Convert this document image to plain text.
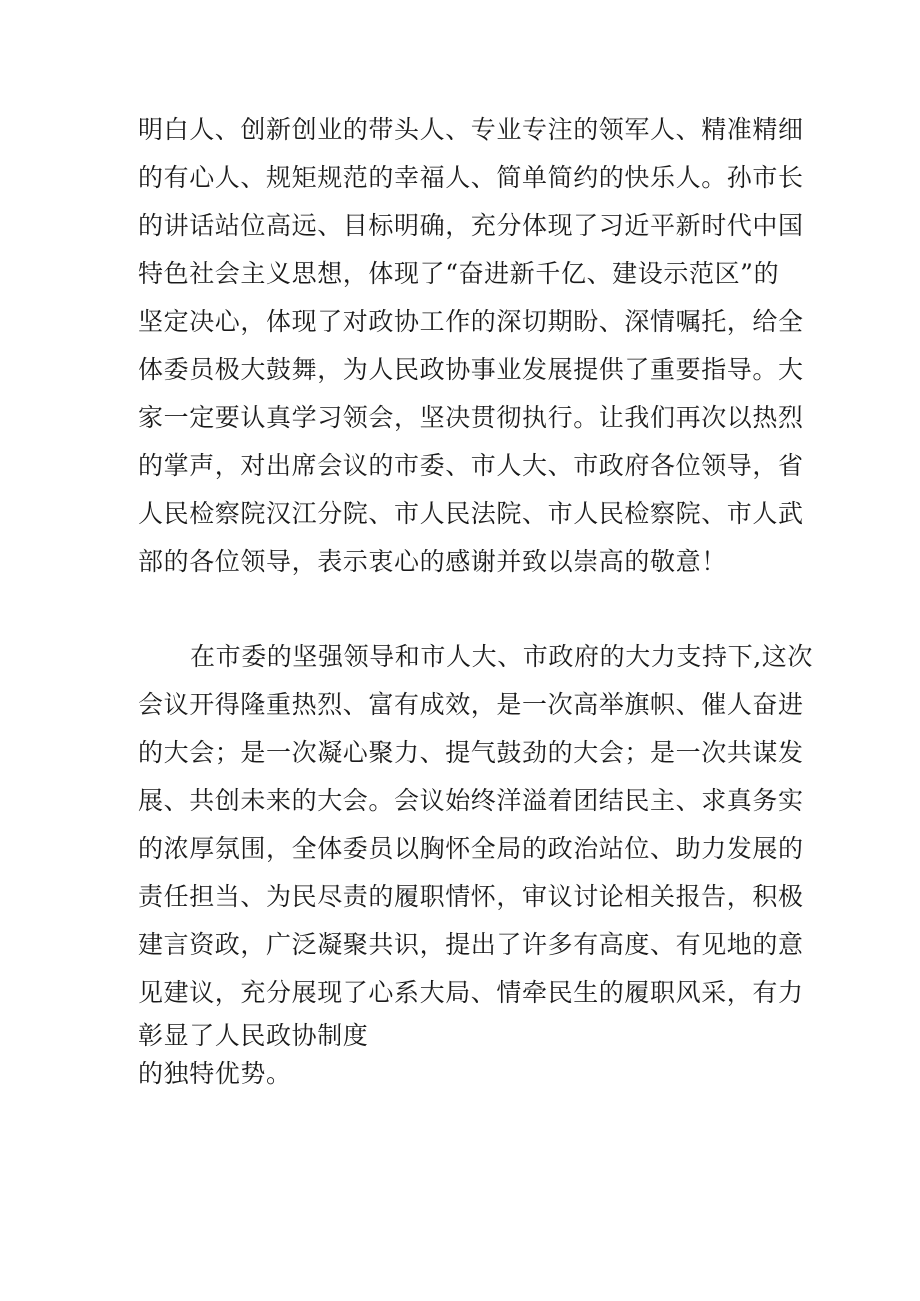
明白人、创新创业的带头人、专业专注的领军人、精准精细
的有心人、规矩规范的幸福人、简单简约的快乐人。孙市长
的讲话站位高远、目标明确，充分体现了习近平新时代中国
特色社会主义思想，体现了“奋进新千亿、建设示范区”的
坚定决心，体现了对政协工作的深切期盼、深情嘱托，给全
体委员极大鼓舞，为人民政协事业发展提供了重要指导。大
家一定要认真学习领会，坚决贯彻执行。让我们再次以热烈
的掌声，对出席会议的市委、市人大、市政府各位领导，省
人民检察院汉江分院、市人民法院、市人民检察院、市人武
部的各位领导，表示衷心的感谢并致以崇高的敬意！
在市委的坚强领导和市人大、市政府的大力支持下,这次
会议开得隆重热烈、富有成效，是一次高举旗帜、催人奋进
的大会；是一次凝心聚力、提气鼓劲的大会；是一次共谋发
展、共创未来的大会。会议始终洋溢着团结民主、求真务实
的浓厚氛围，全体委员以胸怀全局的政治站位、助力发展的
责任担当、为民尽责的履职情怀，审议讨论相关报告，积极
建言资政，广泛凝聚共识，提出了许多有高度、有见地的意
见建议，充分展现了心系大局、情牵民生的履职风采，有力
彰显了人民政协制度
的独特优势。
